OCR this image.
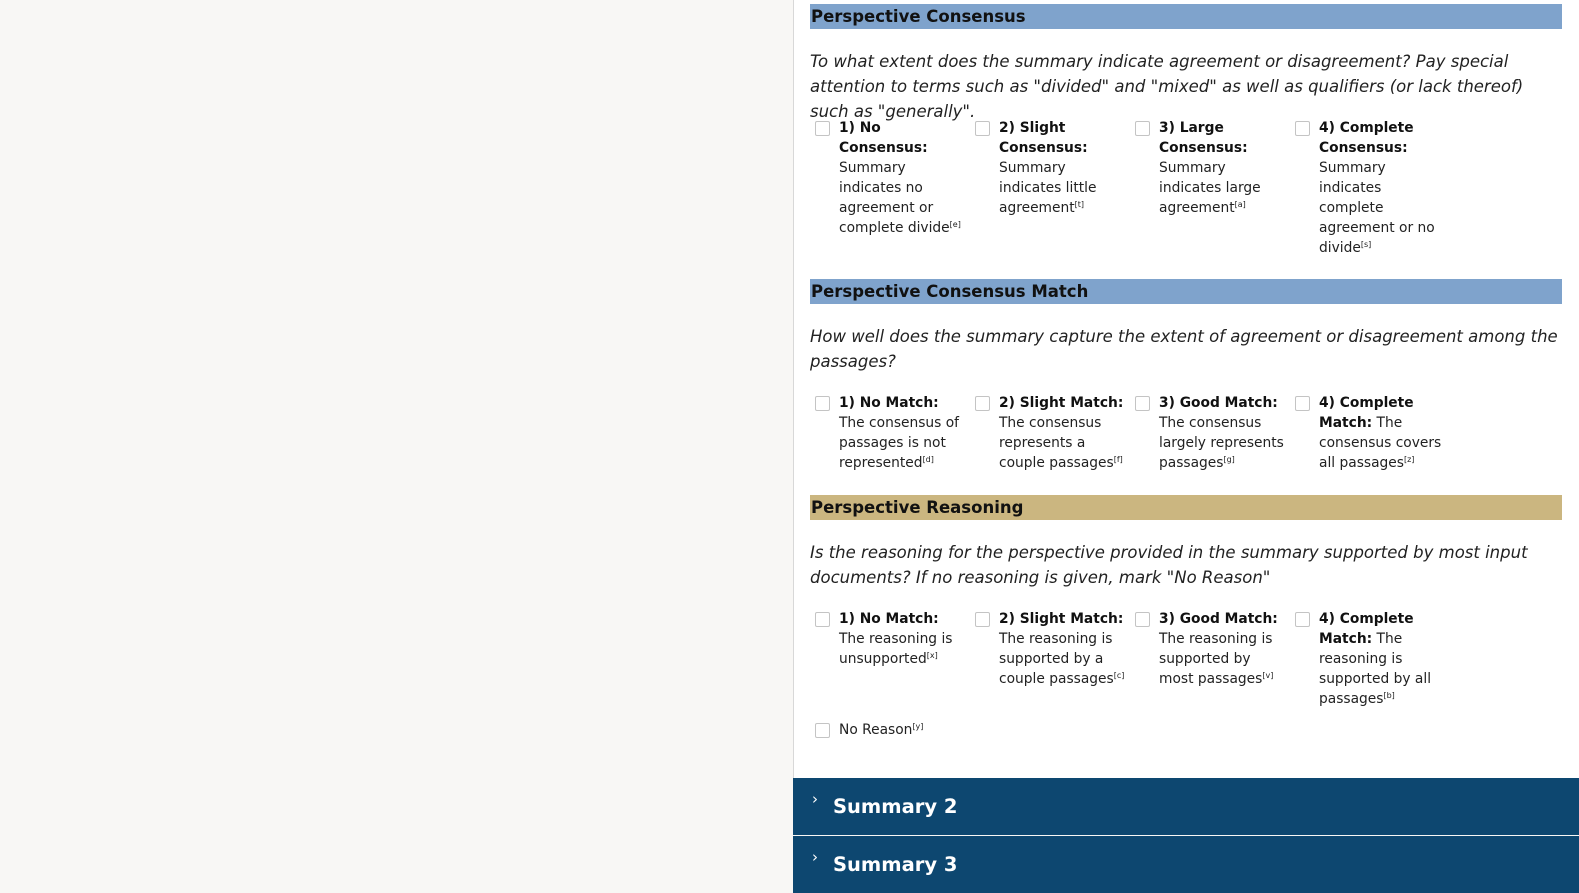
Perspective Consensus
To what extent does the summary indicate agreement or disagreement? Pay special attention to terms such as "divided" and "mixed" as well as qualifiers (or lack thereof) such as "generally".
1) No Consensus: Summary indicates no agreement or complete divide[e]
2) Slight Consensus: Summary indicates little agreement[t]
3) Large Consensus: Summary indicates large agreement[a]
4) Complete Consensus: Summary indicates complete agreement or no divide[s]
Perspective Consensus Match
How well does the summary capture the extent of agreement or disagreement among the passages?
1) No Match: The consensus of passages is not represented[d]
2) Slight Match: The consensus represents a couple passages[f]
3) Good Match: The consensus largely represents passages[g]
4) Complete Match: The consensus covers all passages[z]
Perspective Reasoning
Is the reasoning for the perspective provided in the summary supported by most input documents? If no reasoning is given, mark "No Reason"
1) No Match: The reasoning is unsupported[x]
2) Slight Match: The reasoning is supported by a couple passages[c]
3) Good Match: The reasoning is supported by most passages[v]
4) Complete Match: The reasoning is supported by all passages[b]
No Reason[y]
› Summary 2
› Summary 3
